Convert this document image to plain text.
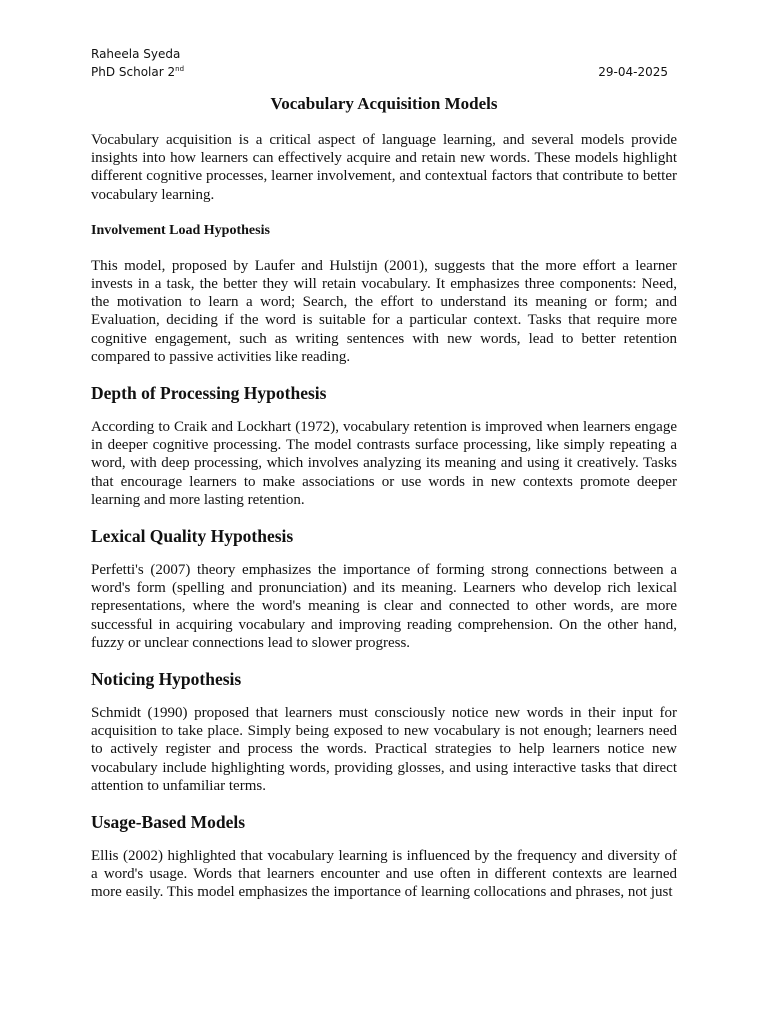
Raheela Syeda
PhD Scholar 2nd	29-04-2025
Vocabulary Acquisition Models

Vocabulary acquisition is a critical aspect of language learning, and several models provide insights into how learners can effectively acquire and retain new words. These models highlight different cognitive processes, learner involvement, and contextual factors that contribute to better vocabulary learning.

Involvement Load Hypothesis

This model, proposed by Laufer and Hulstijn (2001), suggests that the more effort a learner invests in a task, the better they will retain vocabulary. It emphasizes three components: Need, the motivation to learn a word; Search, the effort to understand its meaning or form; and Evaluation, deciding if the word is suitable for a particular context. Tasks that require more cognitive engagement, such as writing sentences with new words, lead to better retention compared to passive activities like reading.

Depth of Processing Hypothesis

According to Craik and Lockhart (1972), vocabulary retention is improved when learners engage in deeper cognitive processing. The model contrasts surface processing, like simply repeating a word, with deep processing, which involves analyzing its meaning and using it creatively. Tasks that encourage learners to make associations or use words in new contexts promote deeper learning and more lasting retention.

Lexical Quality Hypothesis

Perfetti's (2007) theory emphasizes the importance of forming strong connections between a word's form (spelling and pronunciation) and its meaning. Learners who develop rich lexical representations, where the word's meaning is clear and connected to other words, are more successful in acquiring vocabulary and improving reading comprehension. On the other hand, fuzzy or unclear connections lead to slower progress.

Noticing Hypothesis

Schmidt (1990) proposed that learners must consciously notice new words in their input for acquisition to take place. Simply being exposed to new vocabulary is not enough; learners need to actively register and process the words. Practical strategies to help learners notice new vocabulary include highlighting words, providing glosses, and using interactive tasks that direct attention to unfamiliar terms.

Usage-Based Models

Ellis (2002) highlighted that vocabulary learning is influenced by the frequency and diversity of a word's usage. Words that learners encounter and use often in different contexts are learned more easily. This model emphasizes the importance of learning collocations and phrases, not just
